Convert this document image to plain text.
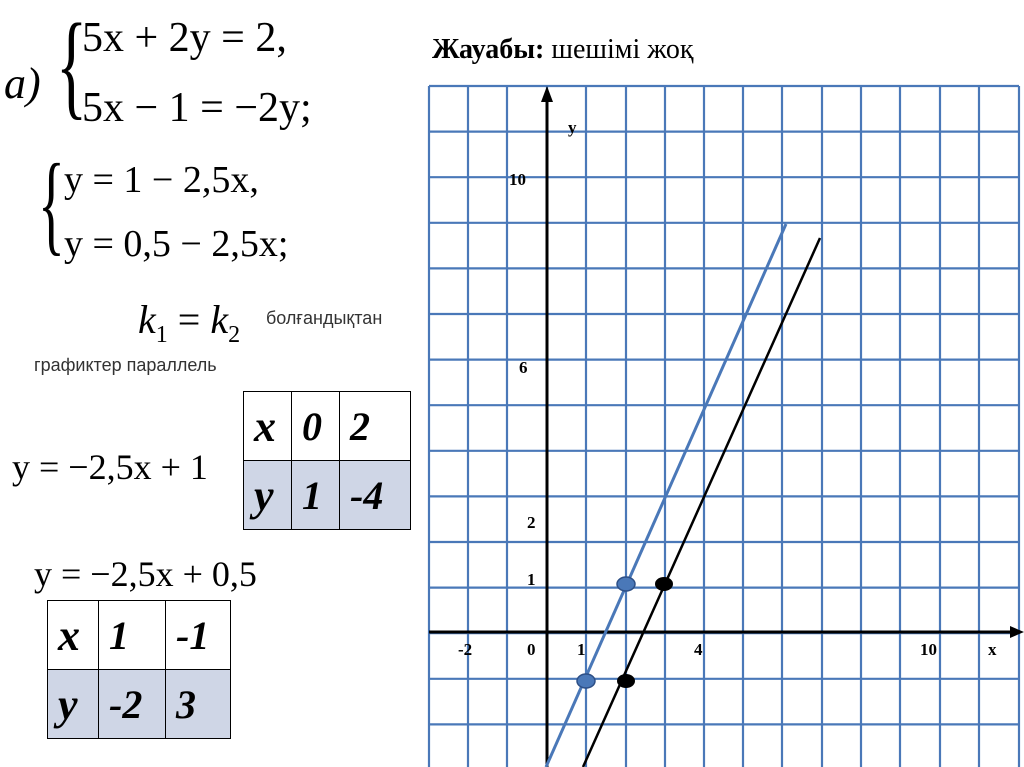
a) {
5x + 2y = 2,
5x − 1 = −2y;
{ y = 1 − 2,5x,
y = 0,5 − 2,5x;
$k_1 = k_2$
болғандықтан
графиктер параллель
y = −2,5x + 1
x	0	2
y	1	-4
y = −2,5x + 0,5
x	1	-1
y	-2	3
Жауабы: шешімі жоқ
y
x
10
6
2
1
-2	0 1	4	10
